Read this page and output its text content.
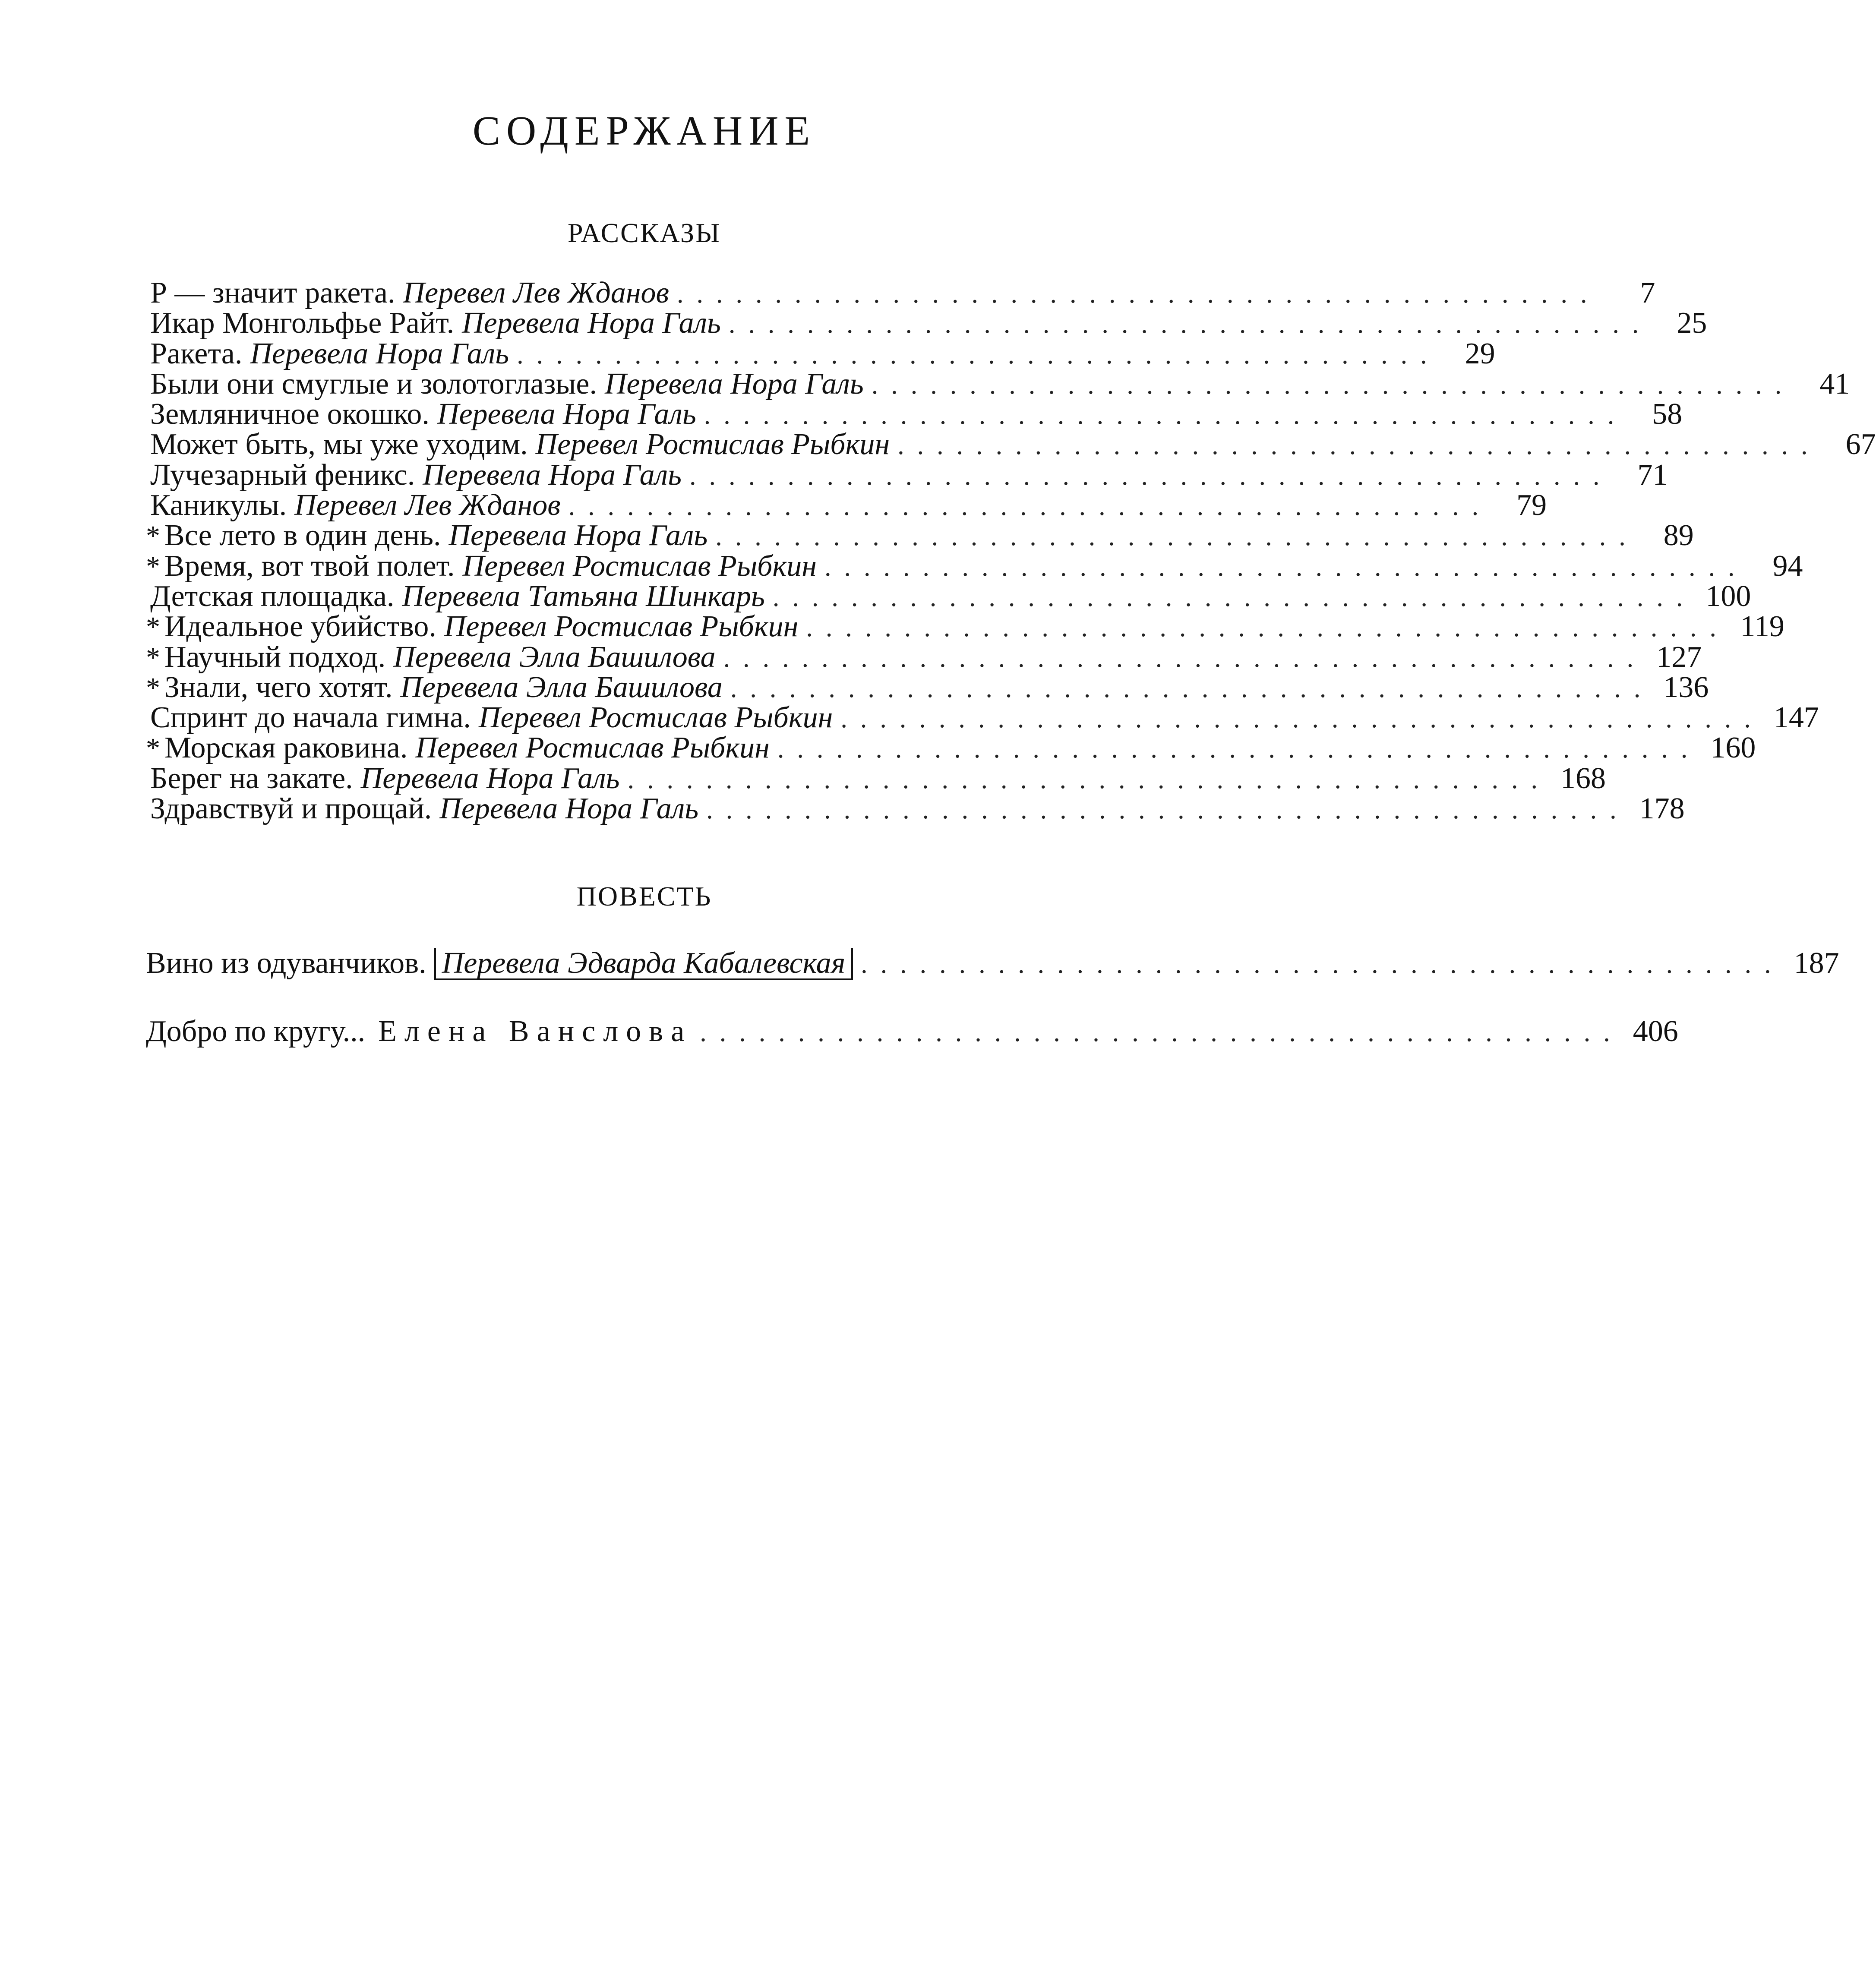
СОДЕРЖАНИЕ
РАССКАЗЫ
Р — значит ракета. Перевел Лев Жданов ...............................................	7
Икар Монгольфье Райт. Перевела Нора Галь ............................................... 25
Ракета. Перевела Нора Галь ............................................... 29
Были они смуглые и золотоглазые. Перевела Нора Галь ............................................... 41
Земляничное окошко. Перевела Нора Галь ............................................... 58
Может быть, мы уже уходим. Перевел Ростислав Рыбкин ............................................... 67
Лучезарный феникс. Перевела Нора Галь ............................................... 71
Каникулы. Перевел Лев Жданов ............................................... 79
* Все лето в один день. Перевела Нора Галь ............................................... 89
* Время, вот твой полет. Перевел Ростислав Рыбкин ............................................... 94
Детская площадка. Перевела Татьяна Шинкарь ............................................... 100
* Идеальное убийство. Перевел Ростислав Рыбкин ............................................... 119
* Научный подход. Перевела Элла Башилова ............................................... 127
* Знали, чего хотят. Перевела Элла Башилова ............................................... 136
Спринт до начала гимна. Перевел Ростислав Рыбкин ............................................... 147
* Морская раковина. Перевел Ростислав Рыбкин ............................................... 160
Берег на закате. Перевела Нора Галь ............................................... 168
Здравствуй и прощай. Перевела Нора Галь ............................................... 178
ПОВЕСТЬ
Вино из одуванчиков. Перевела Эдварда Кабалевская ............................................... 187
Добро по кругу... Елена Вансловa ............................................... 406
